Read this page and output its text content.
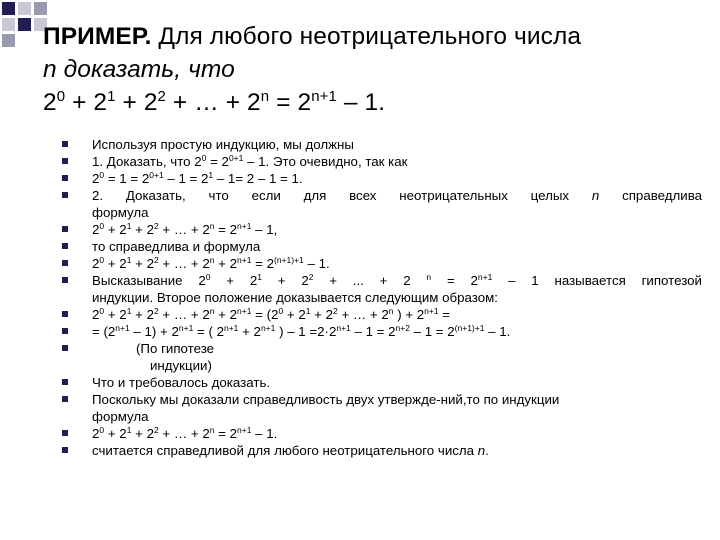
ПРИМЕР. Для любого неотрицательного числа
n доказать, что
$2^0 + 2^1 + 2^2$ + … + $2^n = 2^{n+1} - 1$.
Используя простую индукцию, мы должны
1. Доказать, что $2^0 = 2^{0+1} - 1$. Это очевидно, так как
$2^0 = 1 = 2^{0+1} - 1 = 2^1 - 1= 2 - 1 = 1$.
2. Доказать, что если для всех неотрицательных целых n справедлива
формула
$2^0 + 2^1 + 2^2$ + … + $2^n = 2^{n+1} - 1$,
то справедлива и формула
$2^0 + 2^1 + 2^2$ + … + $2^n + 2^{n+1} = 2^{(n+1)+1} - 1$.
Высказывание $2^0 + 2^1 + 2^2$ + ... + 2 $^n = 2^{n+1} - 1$ называется гипотезой
индукции. Второе положение доказывается следующим образом:
$2^0 + 2^1 + 2^2$ + … + $2^n + 2^{n+1} = (2^0 + 2^1 + 2^2$ + … + $2^n$ ) + $2^{n+1}$ =
= $(2^{n+1} - 1) + 2^{n+1}$ = ( $2^{n+1} + 2^{n+1}$ ) – $1 =2\cdot 2^{n+1} - 1 = 2^{n+2} - 1 = 2^{(n+1)+1} - 1$.
(По гипотезе
индукции)
Что и требовалось доказать.
Поскольку мы доказали справедливость двух утвержде-ний,то по индукции
формула
$2^0 + 2^1 + 2^2$ + … + $2^n = 2^{n+1} - 1$.
считается справедливой для любого неотрицательного числа n.
